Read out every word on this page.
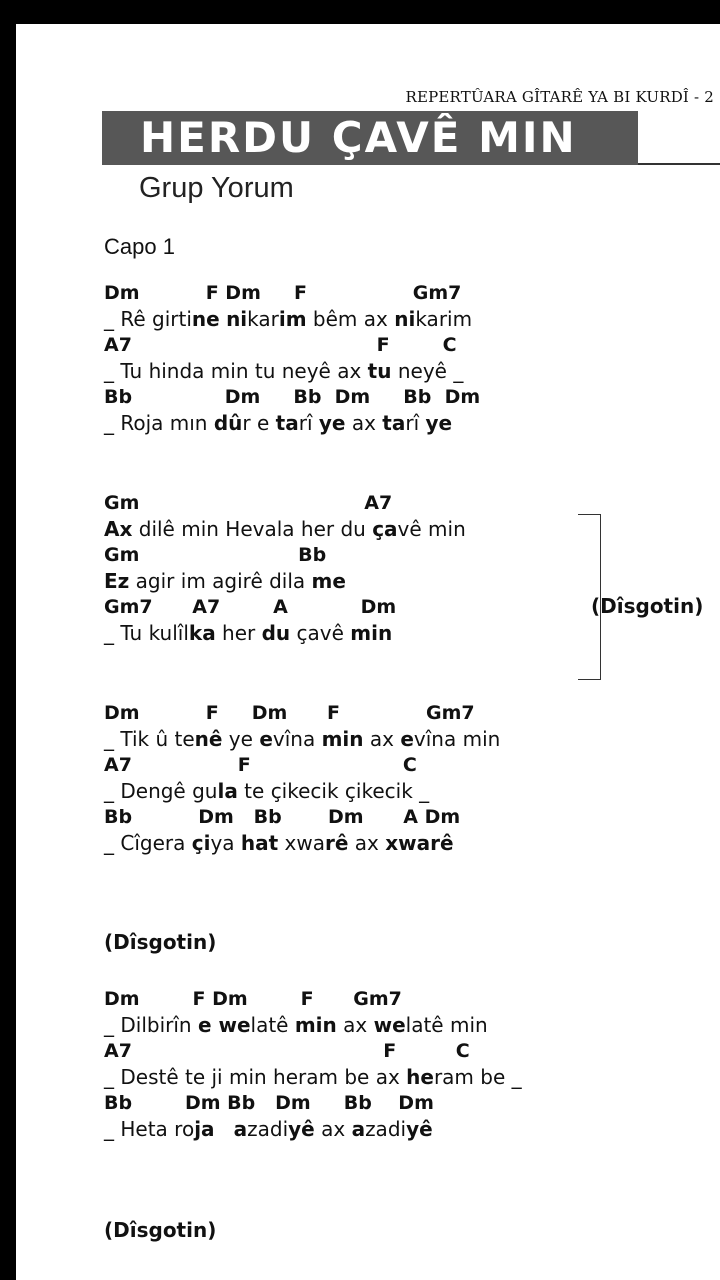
REPERTÛARA GÎTARÊ YA BI KURDÎ - 2
HERDU ÇAVÊ MIN
Grup Yorum
Capo 1
Dm          F Dm     F                Gm7
_ Rê girtine nikarim bêm ax nikarim
A7                                     F        C
_ Tu hinda min tu neyê ax tu neyê _
Bb              Dm     Bb  Dm     Bb  Dm
_ Roja mın dûr e tarî ye ax tarî ye
Gm                                  A7
Ax dilê min Hevala her du çavê min
Gm                        Bb
Ez agir im agirê dila me
Gm7      A7        A           Dm
_ Tu kulîlka her du çavê min
Dm          F     Dm      F             Gm7
_ Tik û tenê ye evîna min ax evîna min
A7                F                       C
_ Dengê gula te çikecik çikecik _
Bb          Dm   Bb       Dm      A Dm
_ Cîgera çiya hat xwarê ax xwarê
Dm        F Dm        F      Gm7
_ Dilbirîn e welatê min ax welatê min
A7                                      F         C
_ Destê te ji min heram be ax heram be _
Bb        Dm Bb   Dm     Bb    Dm
_ Heta roja azadiyê ax azadiyê
(Dîsgotin)
(Dîsgotin)
(Dîsgotin)
